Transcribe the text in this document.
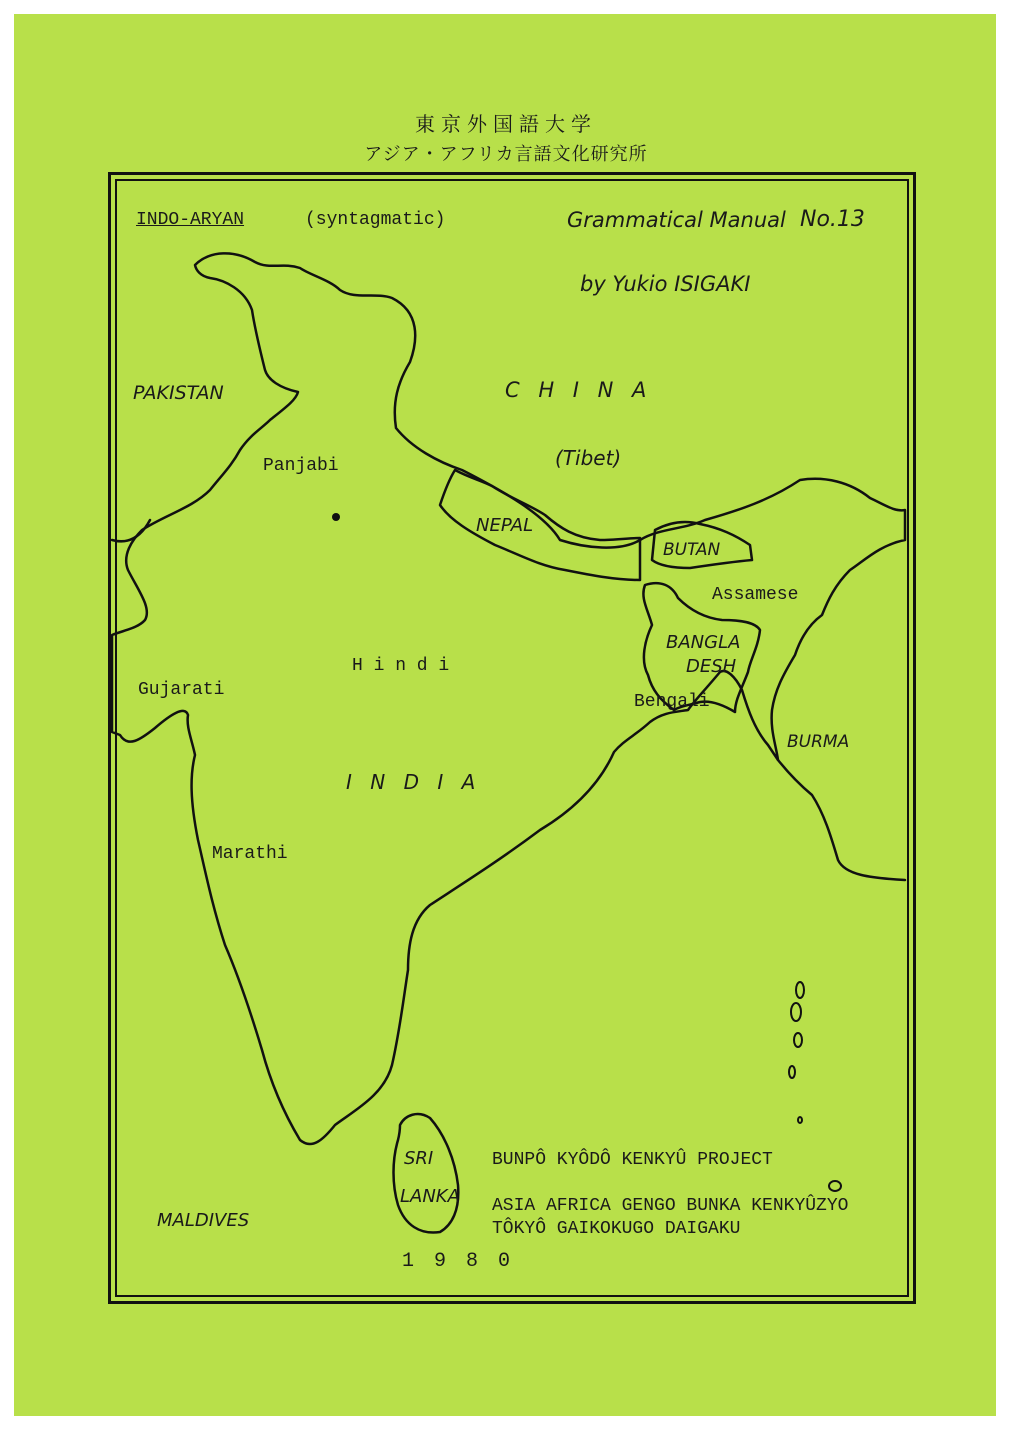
東京外国語大学
アジア・アフリカ言語文化研究所
INDO-ARYAN	(syntagmatic)	Grammatical Manual No.13
by Yukio ISIGAKI
PAKISTAN	C H I N A
(Tibet)
Panjabi
NEPAL
BUTAN
Assamese
BANGLA
DESH
H i n d i
Gujarati
Bengali
BURMA
I N D I A
Marathi
SRI
LANKA
MALDIVES
BUNPÔ KYÔDÔ KENKYÛ PROJECT
ASIA AFRICA GENGO BUNKA KENKYÛZYO
TÔKYÔ GAIKOKUGO DAIGAKU
1 9 8 0
